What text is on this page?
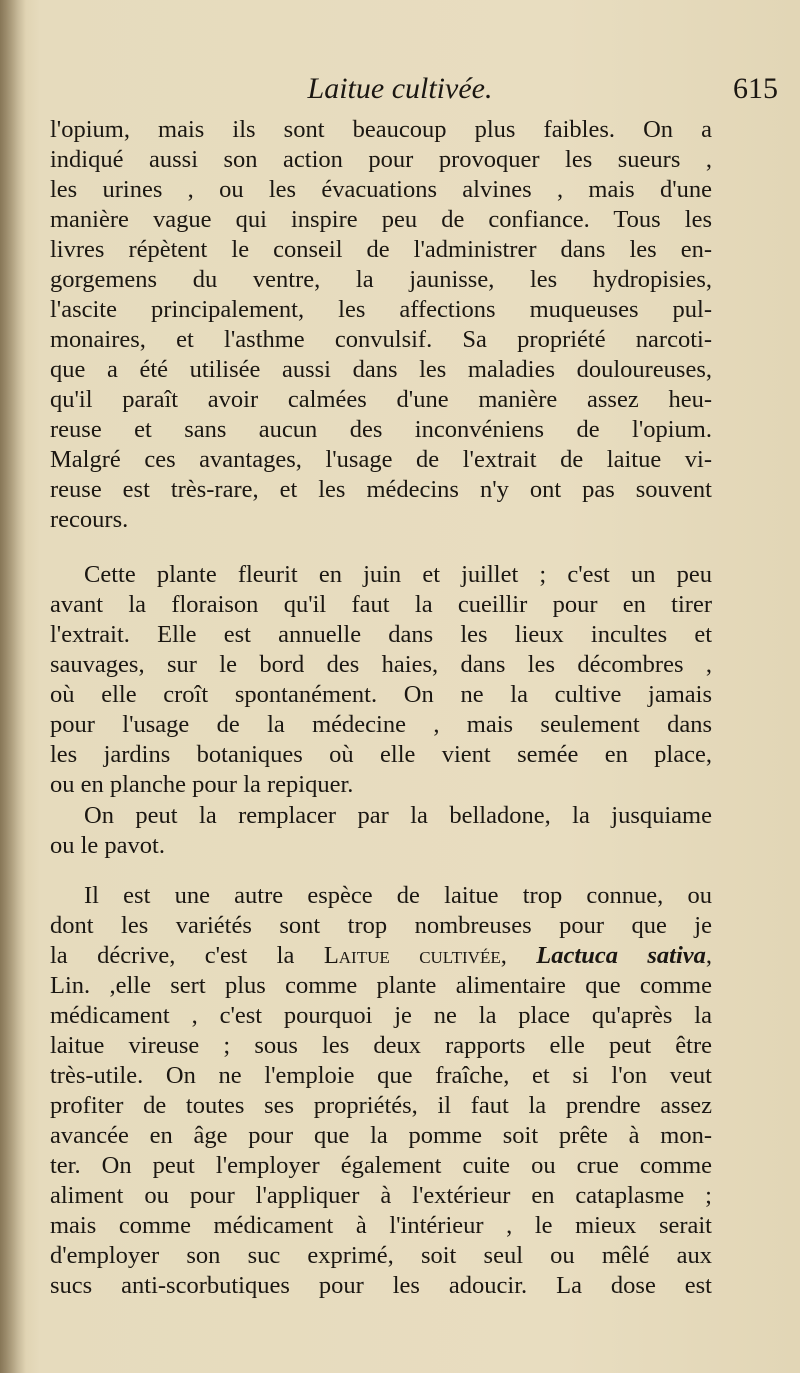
Laitue cultivée.	615
l'opium, mais ils sont beaucoup plus faibles. On a
indiqué aussi son action pour provoquer les sueurs ,
les urines , ou les évacuations alvines , mais d'une
manière vague qui inspire peu de confiance. Tous les
livres répètent le conseil de l'administrer dans les en-
gorgemens du ventre, la jaunisse, les hydropisies,
l'ascite principalement, les affections muqueuses pul-
monaires, et l'asthme convulsif. Sa propriété narcoti-
que a été utilisée aussi dans les maladies douloureuses,
qu'il paraît avoir calmées d'une manière assez heu-
reuse et sans aucun des inconvéniens de l'opium.
Malgré ces avantages, l'usage de l'extrait de laitue vi-
reuse est très-rare, et les médecins n'y ont pas souvent
recours.
Cette plante fleurit en juin et juillet ; c'est un peu
avant la floraison qu'il faut la cueillir pour en tirer
l'extrait. Elle est annuelle dans les lieux incultes et
sauvages, sur le bord des haies, dans les décombres ,
où elle croît spontanément. On ne la cultive jamais
pour l'usage de la médecine , mais seulement dans
les jardins botaniques où elle vient semée en place,
ou en planche pour la repiquer.
On peut la remplacer par la belladone, la jusquiame
ou le pavot.
Il est une autre espèce de laitue trop connue, ou
dont les variétés sont trop nombreuses pour que je
la décrive, c'est la Laitue cultivée, Lactuca sativa,
Lin. ,elle sert plus comme plante alimentaire que comme
médicament , c'est pourquoi je ne la place qu'après la
laitue vireuse ; sous les deux rapports elle peut être
très-utile. On ne l'emploie que fraîche, et si l'on veut
profiter de toutes ses propriétés, il faut la prendre assez
avancée en âge pour que la pomme soit prête à mon-
ter. On peut l'employer également cuite ou crue comme
aliment ou pour l'appliquer à l'extérieur en cataplasme ;
mais comme médicament à l'intérieur , le mieux serait
d'employer son suc exprimé, soit seul ou mêlé aux
sucs anti-scorbutiques pour les adoucir. La dose est
